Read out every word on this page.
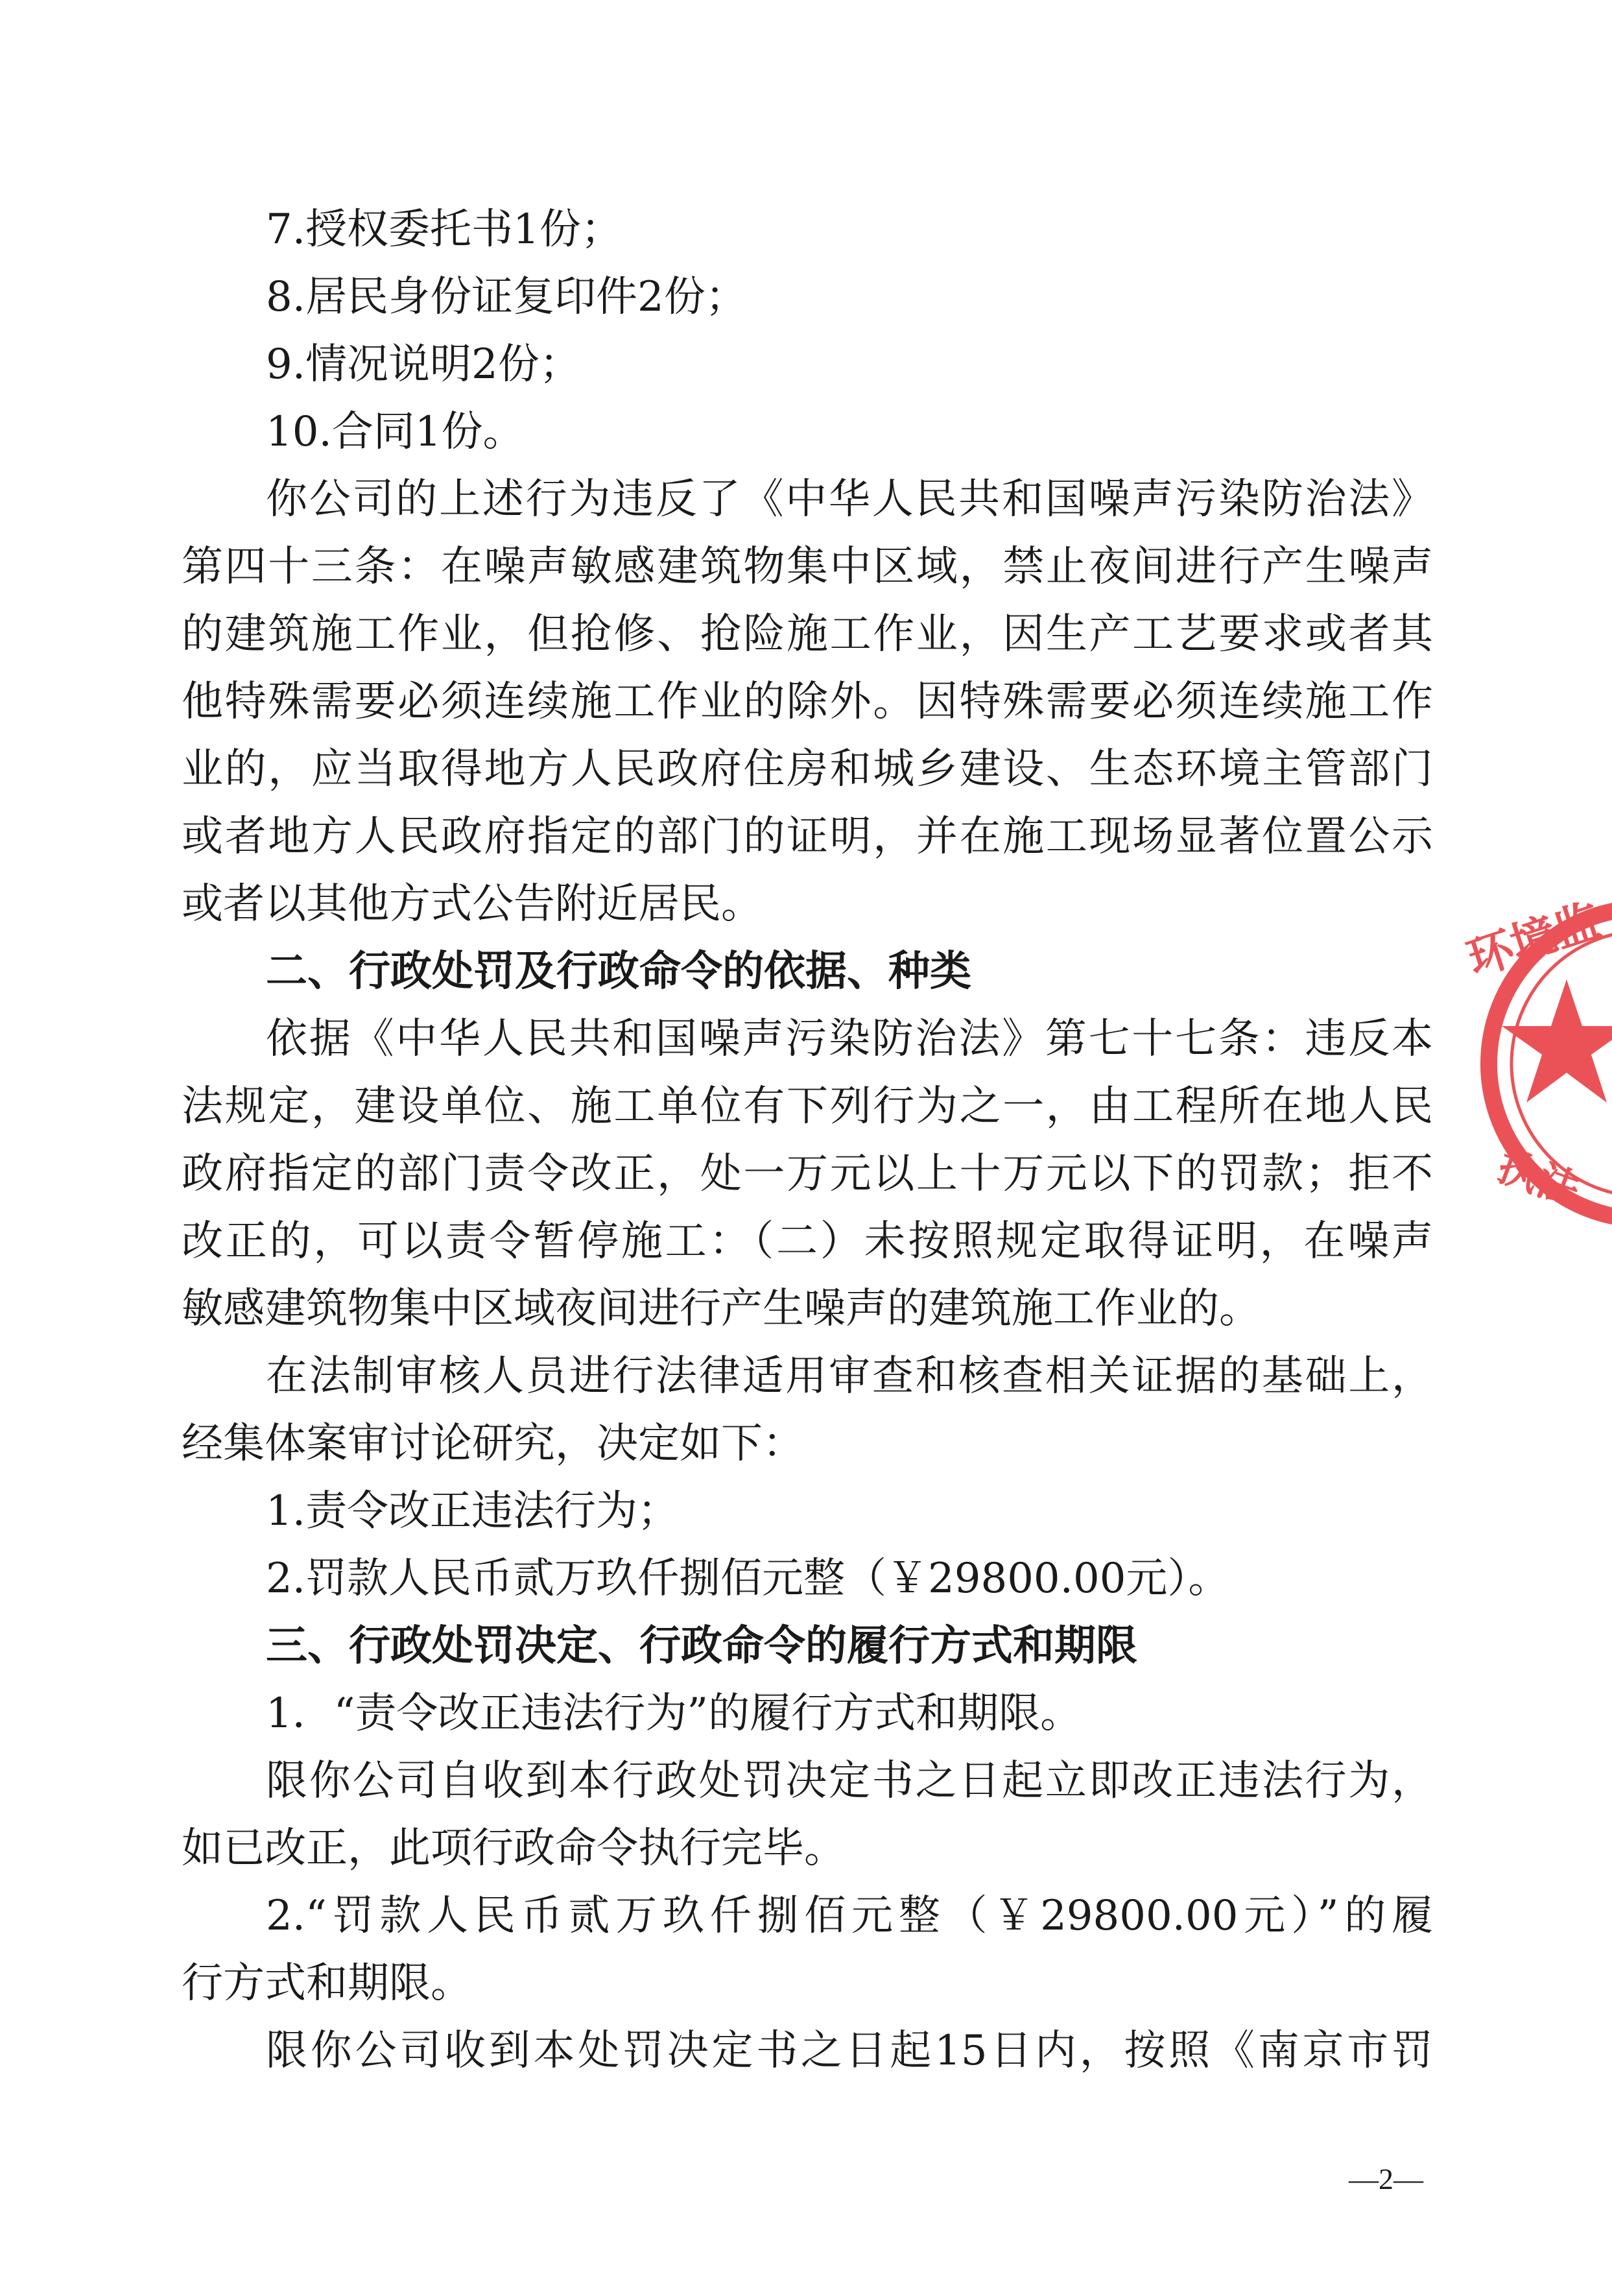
7.授权委托书1份；
8.居民身份证复印件2份；
9.情况说明2份；
10.合同1份。
你公司的上述行为违反了《中华人民共和国噪声污染防治法》
第四十三条：在噪声敏感建筑物集中区域，禁止夜间进行产生噪声
的建筑施工作业，但抢修、抢险施工作业，因生产工艺要求或者其
他特殊需要必须连续施工作业的除外。因特殊需要必须连续施工作
业的，应当取得地方人民政府住房和城乡建设、生态环境主管部门
或者地方人民政府指定的部门的证明，并在施工现场显著位置公示
或者以其他方式公告附近居民。
二、行政处罚及行政命令的依据、种类
依据《中华人民共和国噪声污染防治法》第七十七条：违反本
法规定，建设单位、施工单位有下列行为之一，由工程所在地人民
政府指定的部门责令改正，处一万元以上十万元以下的罚款；拒不
改正的，可以责令暂停施工：（二）未按照规定取得证明，在噪声
敏感建筑物集中区域夜间进行产生噪声的建筑施工作业的。
在法制审核人员进行法律适用审查和核查相关证据的基础上，
经集体案审讨论研究，决定如下：
1.责令改正违法行为；
2.罚款人民币贰万玖仟捌佰元整（￥29800.00元）。
三、行政处罚决定、行政命令的履行方式和期限
1．“责令改正违法行为”的履行方式和期限。
限你公司自收到本行政处罚决定书之日起立即改正违法行为，
如已改正，此项行政命令执行完毕。
2.“罚款人民币贰万玖仟捌佰元整（￥29800.00元）”的履
行方式和期限。
限你公司收到本处罚决定书之日起15日内，按照《南京市罚
—2—
环境监
执法
